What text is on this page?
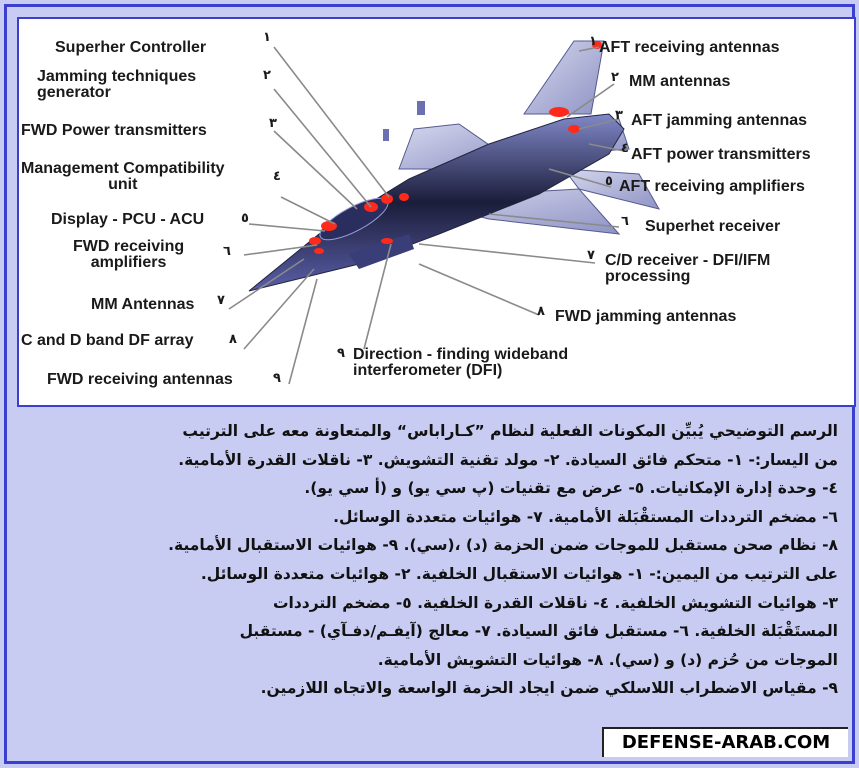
Superher Controller
١
Jamming techniques
generator
٢
FWD Power transmitters	٣
Management Compatibility
unit	٤
Display - PCU - ACU	٥
FWD receiving
amplifiers
٦
MM Antennas ٧
C and D band DF array	٨
FWD receiving antennas	٩
١ AFT receiving antennas
٢ MM antennas
٣ AFT jamming antennas
٤ AFT power transmitters
٥ AFT receiving amplifiers
٦ Superhet receiver
٧ C/D receiver - DFI/IFM
processing
٨ FWD jamming antennas
٩ Direction - finding wideband
interferometer (DFI)
الرسم التوضيحي يُبيِّن المكونات الفعلية لنظام ”كـاراباس“ والمتعاونة معه على الترتيب
من اليسار:- ١- متحكم فائق السيادة. ٢- مولد تقنية التشويش. ٣- ناقلات القدرة الأمامية.
٤- وحدة إدارة الإمكانيات. ٥- عرض مع تقنيات (پ سي يو) و (أ سي يو).
٦- مضخم الترددات المستقْبَلة الأمامية. ٧- هوائيات متعددة الوسائل.
٨- نظام صحن مستقبل للموجات ضمن الحزمة (د) ،(سي). ٩- هوائيات الاستقبال الأمامية.
على الترتيب من اليمين:- ١- هوائيات الاستقبال الخلفية. ٢- هوائيات متعددة الوسائل.
٣- هوائيات التشويش الخلفية. ٤- ناقلات القدرة الخلفية. ٥- مضخم الترددات
المستَقْبَلة الخلفية. ٦- مستقبل فائق السيادة. ٧- معالج (آيفـم/دفـآي) - مستقبل
الموجات من حُزم (د) و (سي). ٨- هوائيات التشويش الأمامية.
٩- مقياس الاضطراب اللاسلكي ضمن ايجاد الحزمة الواسعة والاتجاه اللازمين.
DEFENSE-ARAB.COM
